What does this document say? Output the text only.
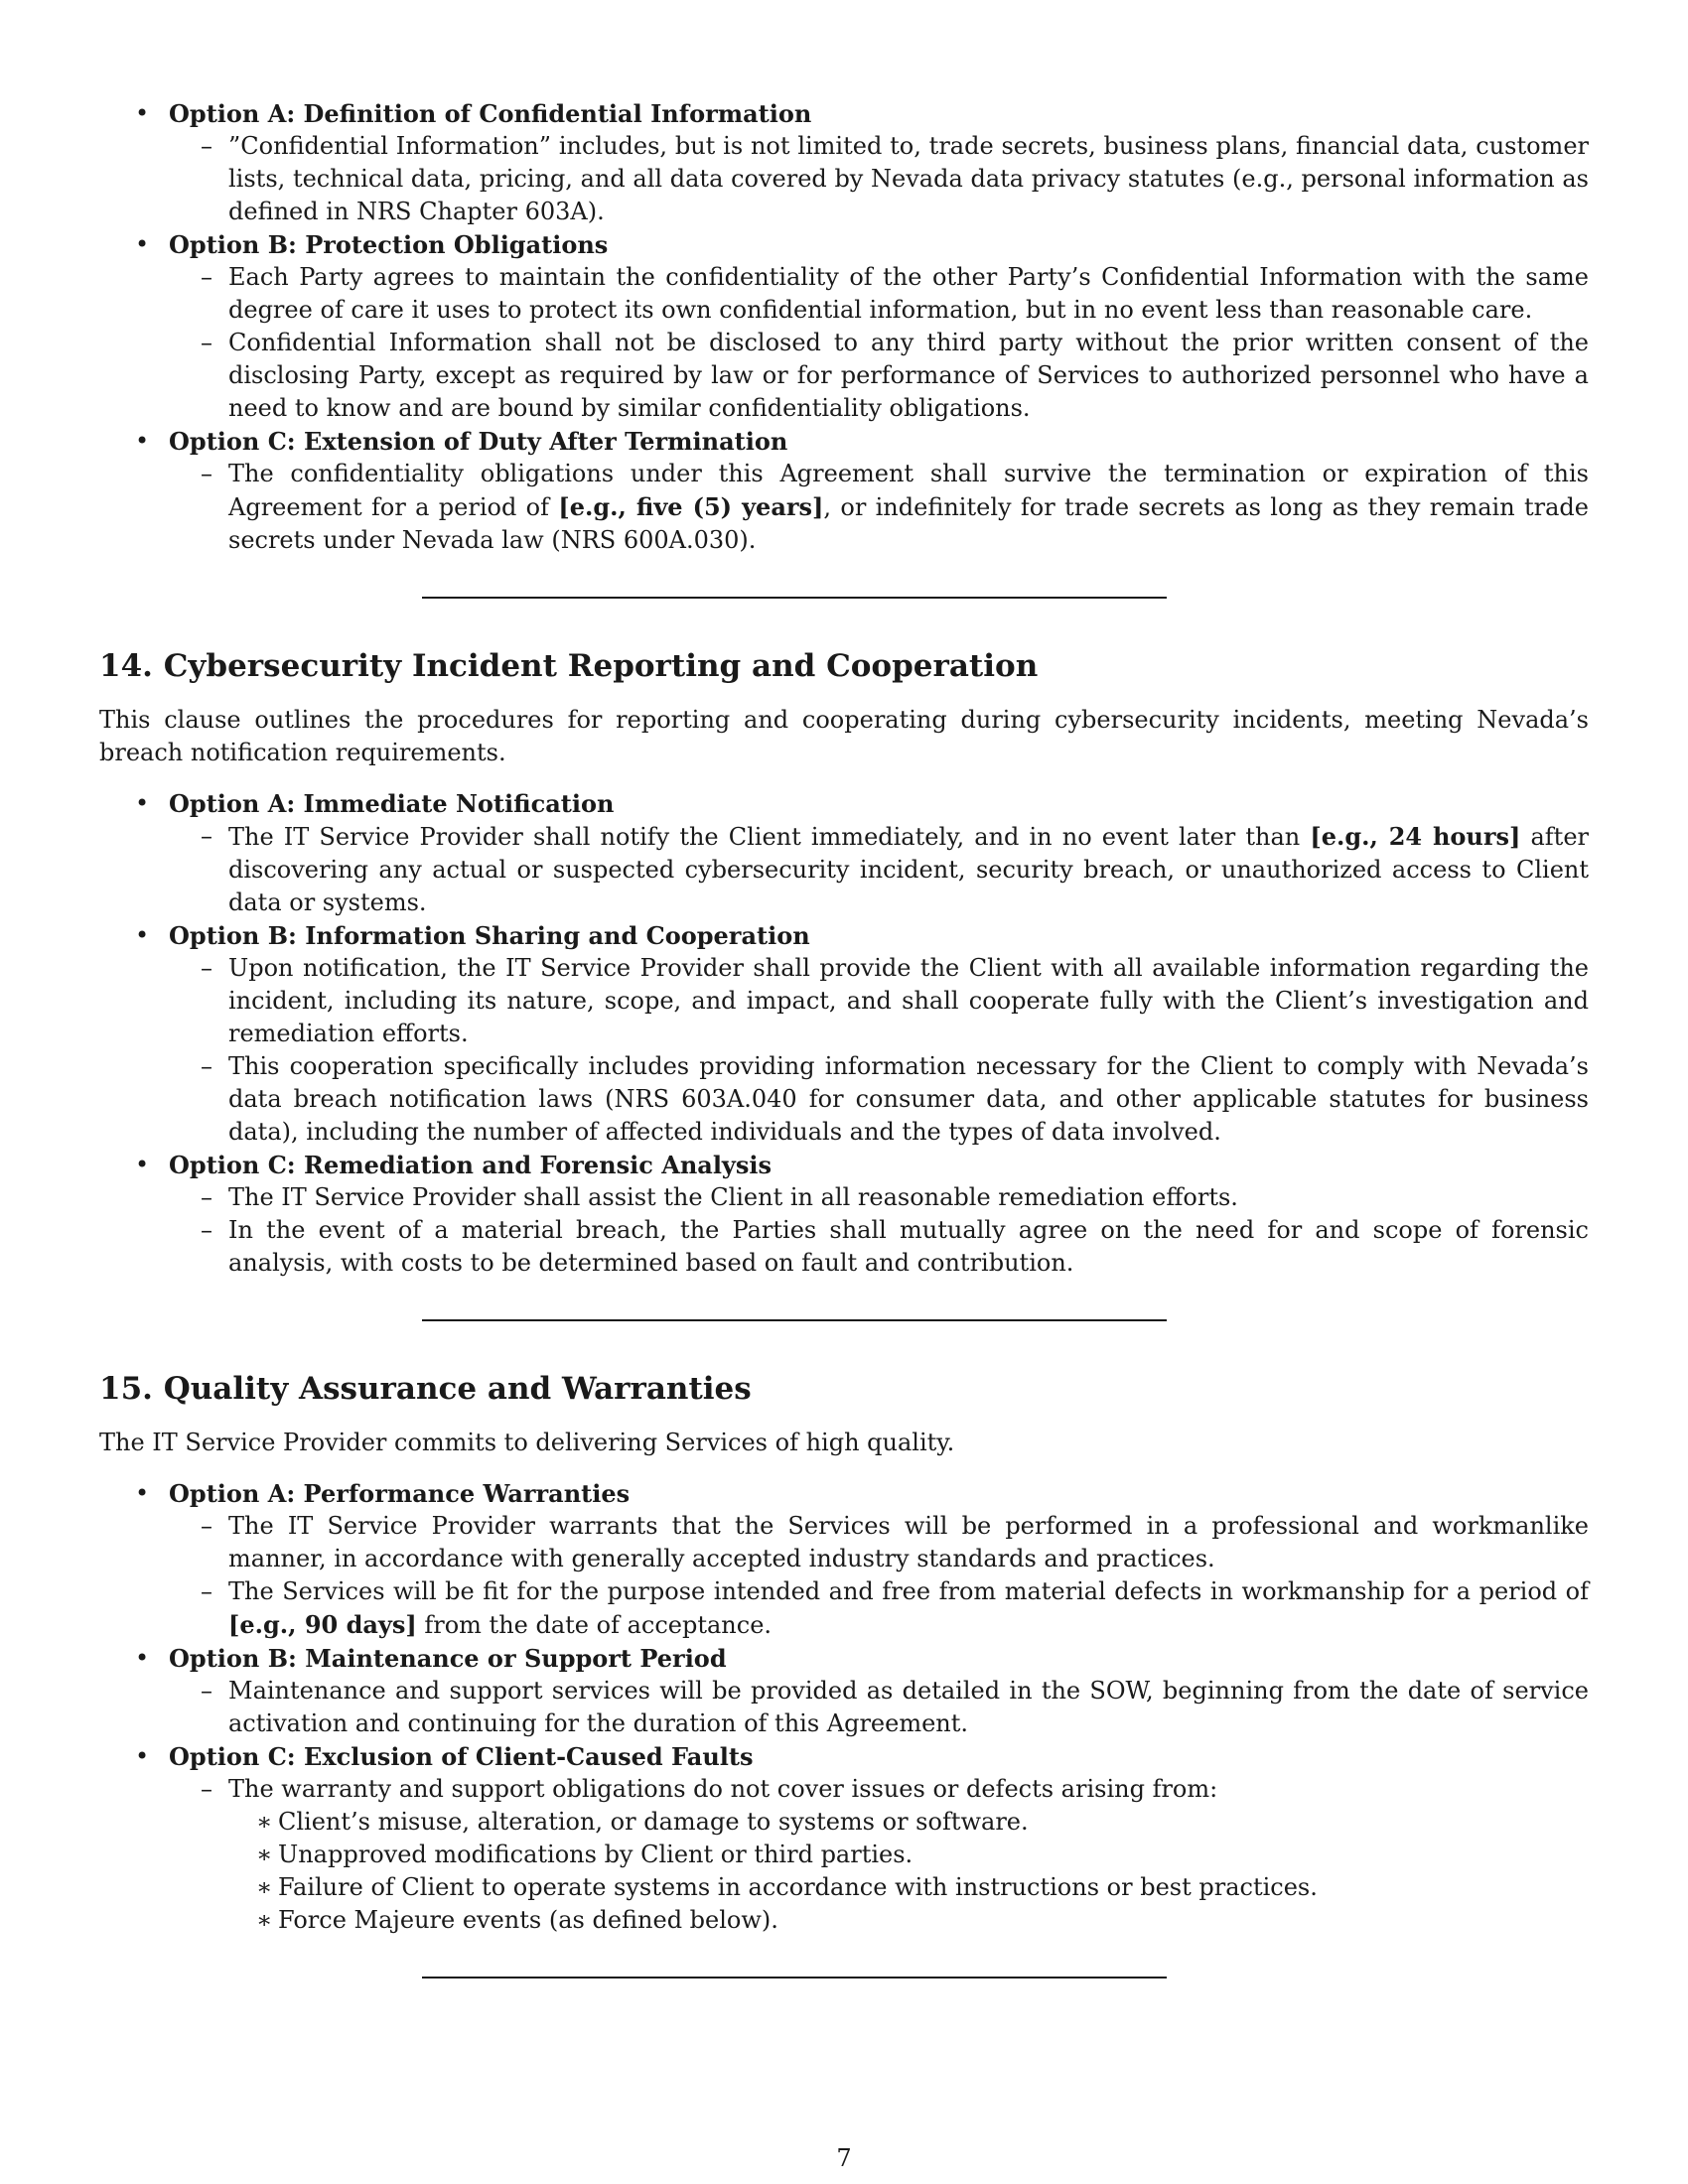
• Option A: Definition of Confidential Information
– ”Confidential Information” includes, but is not limited to, trade secrets, business plans, financial data, customer lists, technical data, pricing, and all data covered by Nevada data privacy statutes (e.g., personal information as defined in NRS Chapter 603A).
• Option B: Protection Obligations
– Each Party agrees to maintain the confidentiality of the other Party’s Confidential Information with the same degree of care it uses to protect its own confidential information, but in no event less than reasonable care.
– Confidential Information shall not be disclosed to any third party without the prior written consent of the disclosing Party, except as required by law or for performance of Services to authorized personnel who have a need to know and are bound by similar confidentiality obligations.
• Option C: Extension of Duty After Termination
– The confidentiality obligations under this Agreement shall survive the termination or expiration of this Agreement for a period of [e.g., five (5) years], or indefinitely for trade secrets as long as they remain trade secrets under Nevada law (NRS 600A.030).
14. Cybersecurity Incident Reporting and Cooperation

This clause outlines the procedures for reporting and cooperating during cybersecurity incidents, meeting Nevada’s breach notification requirements.

• Option A: Immediate Notification
– The IT Service Provider shall notify the Client immediately, and in no event later than [e.g., 24 hours] after discovering any actual or suspected cybersecurity incident, security breach, or unauthorized access to Client data or systems.
• Option B: Information Sharing and Cooperation
– Upon notification, the IT Service Provider shall provide the Client with all available information regarding the incident, including its nature, scope, and impact, and shall cooperate fully with the Client’s investigation and remediation efforts.
– This cooperation specifically includes providing information necessary for the Client to comply with Nevada’s data breach notification laws (NRS 603A.040 for consumer data, and other applicable statutes for business data), including the number of affected individuals and the types of data involved.
• Option C: Remediation and Forensic Analysis
– The IT Service Provider shall assist the Client in all reasonable remediation efforts.
– In the event of a material breach, the Parties shall mutually agree on the need for and scope of forensic analysis, with costs to be determined based on fault and contribution.
15. Quality Assurance and Warranties

The IT Service Provider commits to delivering Services of high quality.

• Option A: Performance Warranties
– The IT Service Provider warrants that the Services will be performed in a professional and workmanlike manner, in accordance with generally accepted industry standards and practices.
– The Services will be fit for the purpose intended and free from material defects in workmanship for a period of [e.g., 90 days] from the date of acceptance.
• Option B: Maintenance or Support Period
– Maintenance and support services will be provided as detailed in the SOW, beginning from the date of service activation and continuing for the duration of this Agreement.
• Option C: Exclusion of Client-Caused Faults
– The warranty and support obligations do not cover issues or defects arising from:
∗ Client’s misuse, alteration, or damage to systems or software.
∗ Unapproved modifications by Client or third parties.
∗ Failure of Client to operate systems in accordance with instructions or best practices.
∗ Force Majeure events (as defined below).
7
